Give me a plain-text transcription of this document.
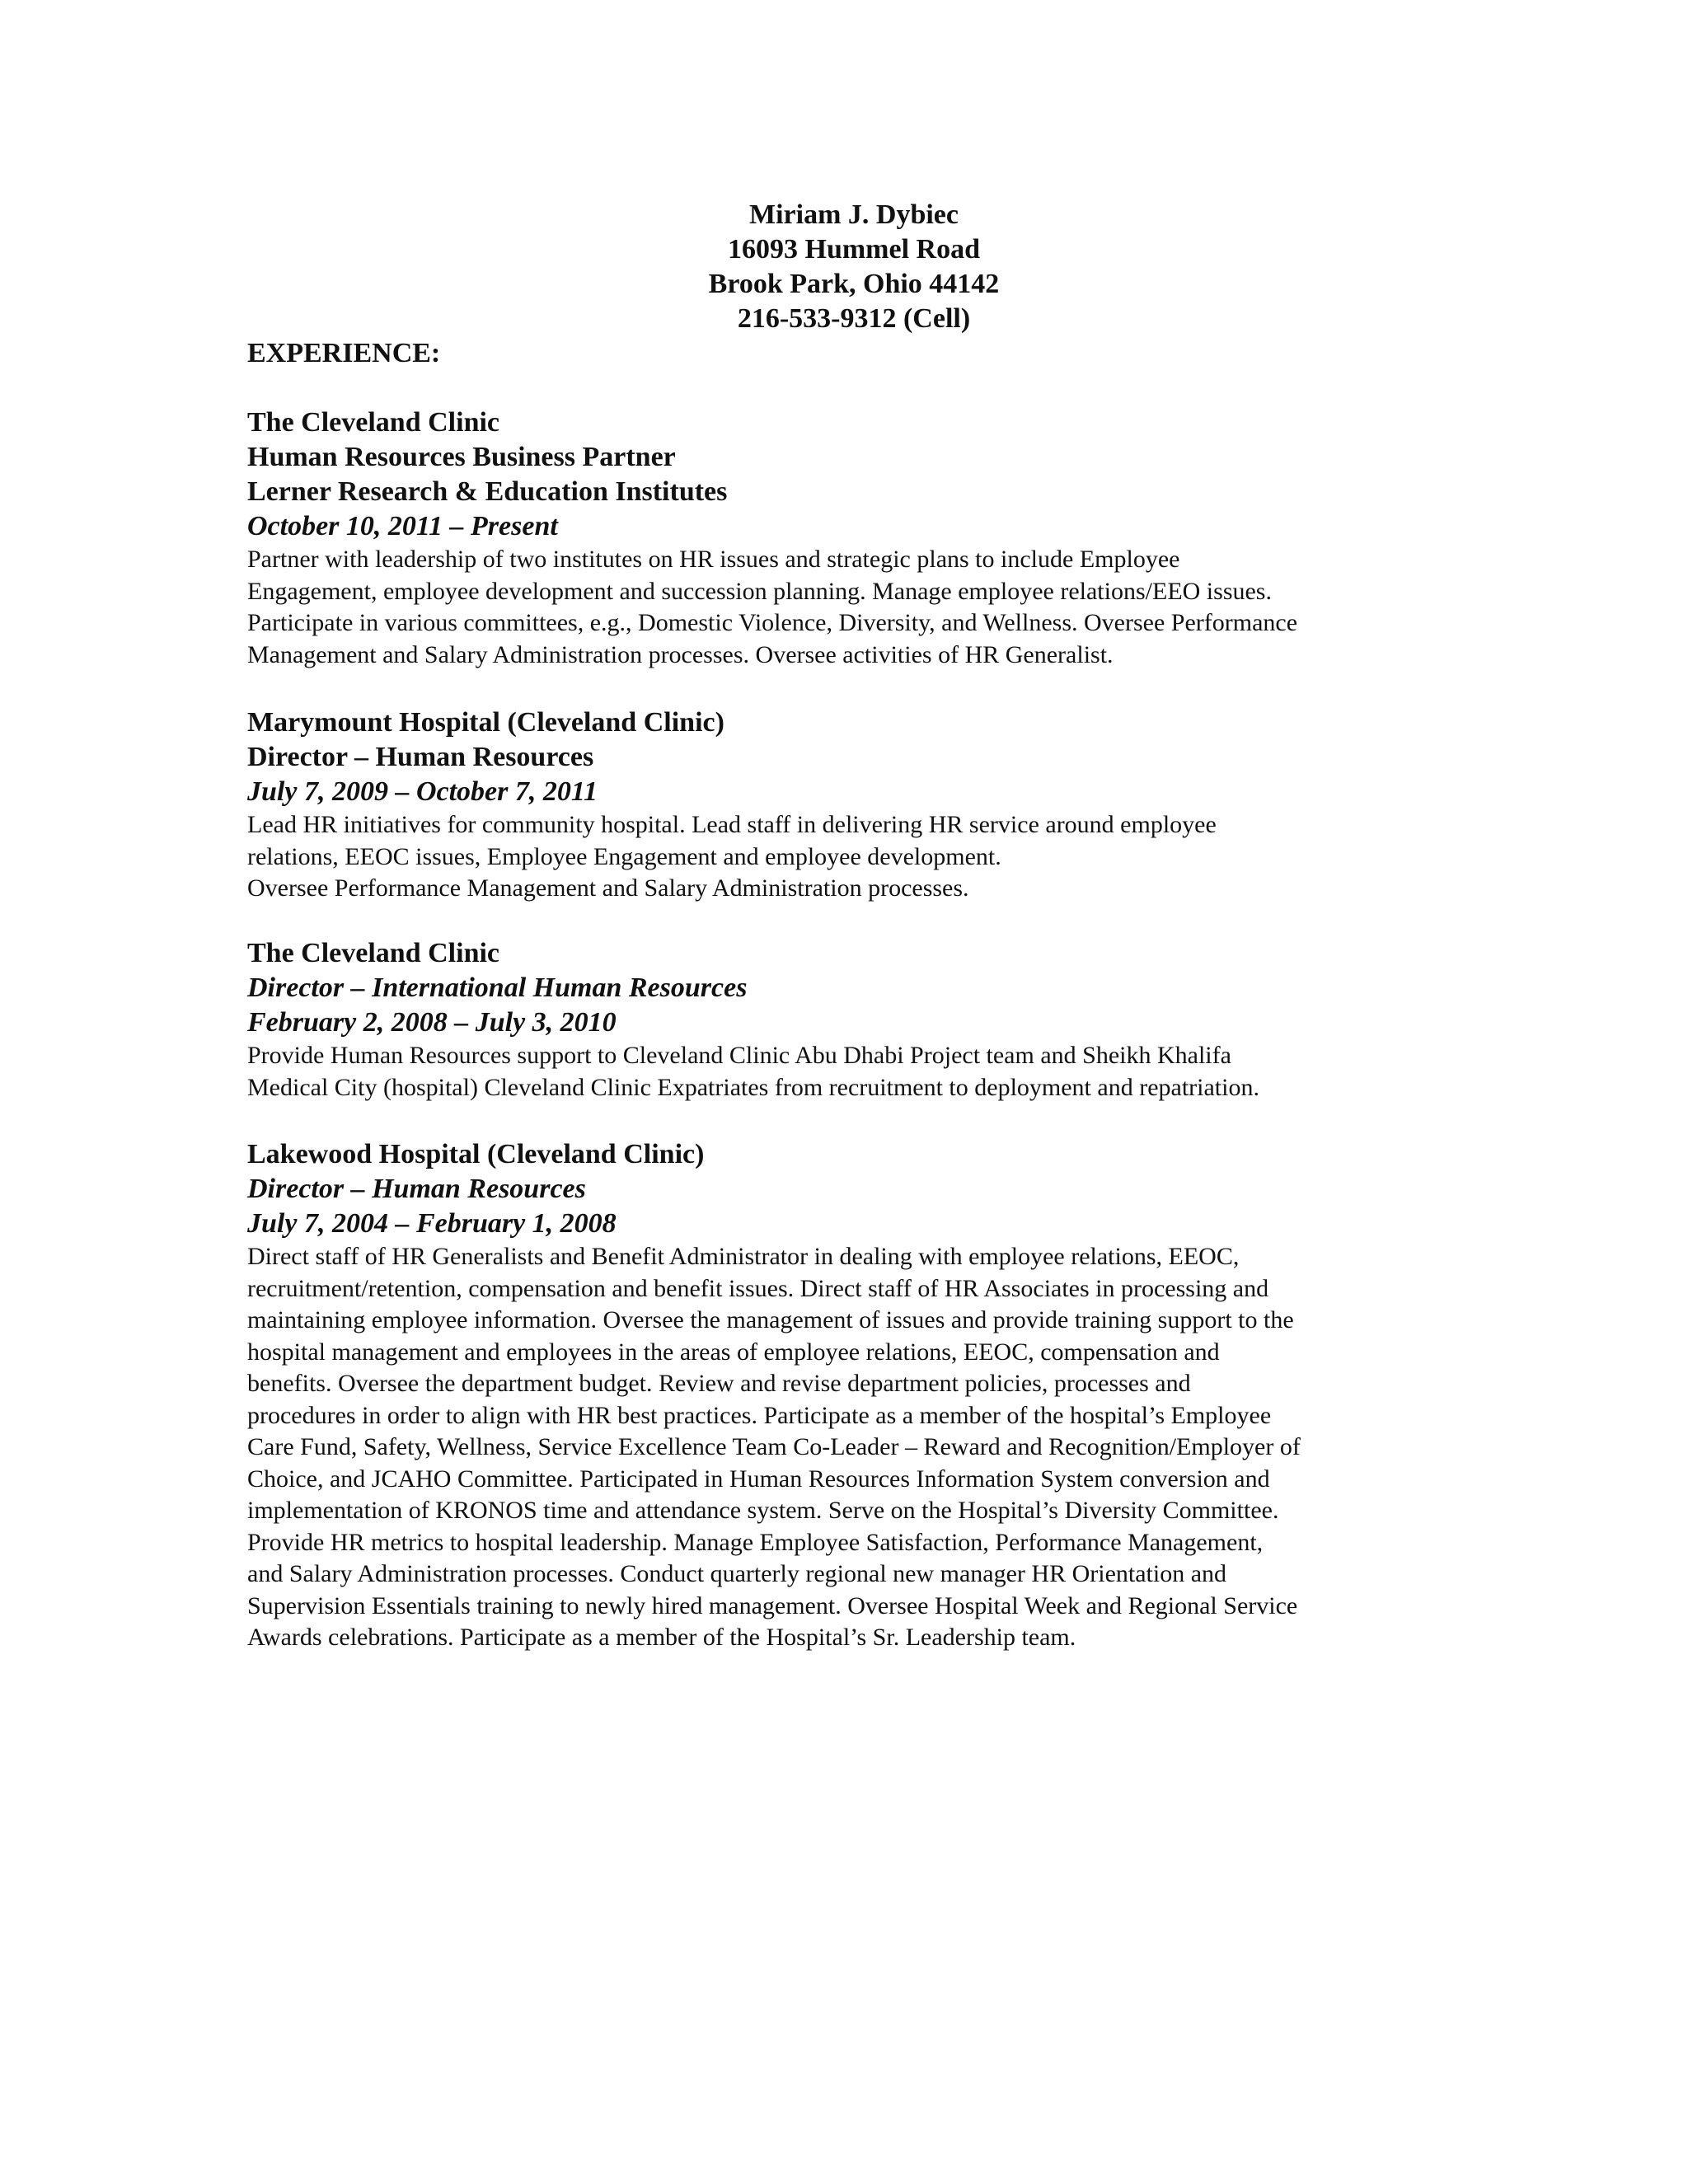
Miriam J. Dybiec
16093 Hummel Road
Brook Park, Ohio 44142
216-533-9312 (Cell)
EXPERIENCE:
The Cleveland Clinic
Human Resources Business Partner
Lerner Research & Education Institutes
October 10, 2011 – Present
Partner with leadership of two institutes on HR issues and strategic plans to include Employee
Engagement, employee development and succession planning. Manage employee relations/EEO issues.
Participate in various committees, e.g., Domestic Violence, Diversity, and Wellness. Oversee Performance
Management and Salary Administration processes. Oversee activities of HR Generalist.
Marymount Hospital (Cleveland Clinic)
Director – Human Resources
July 7, 2009 – October 7, 2011
Lead HR initiatives for community hospital. Lead staff in delivering HR service around employee
relations, EEOC issues, Employee Engagement and employee development.
Oversee Performance Management and Salary Administration processes.
The Cleveland Clinic
Director – International Human Resources
February 2, 2008 – July 3, 2010
Provide Human Resources support to Cleveland Clinic Abu Dhabi Project team and Sheikh Khalifa
Medical City (hospital) Cleveland Clinic Expatriates from recruitment to deployment and repatriation.
Lakewood Hospital (Cleveland Clinic)
Director – Human Resources
July 7, 2004 – February 1, 2008
Direct staff of HR Generalists and Benefit Administrator in dealing with employee relations, EEOC,
recruitment/retention, compensation and benefit issues. Direct staff of HR Associates in processing and
maintaining employee information. Oversee the management of issues and provide training support to the
hospital management and employees in the areas of employee relations, EEOC, compensation and
benefits. Oversee the department budget. Review and revise department policies, processes and
procedures in order to align with HR best practices. Participate as a member of the hospital’s Employee
Care Fund, Safety, Wellness, Service Excellence Team Co-Leader – Reward and Recognition/Employer of
Choice, and JCAHO Committee. Participated in Human Resources Information System conversion and
implementation of KRONOS time and attendance system. Serve on the Hospital’s Diversity Committee.
Provide HR metrics to hospital leadership. Manage Employee Satisfaction, Performance Management,
and Salary Administration processes. Conduct quarterly regional new manager HR Orientation and
Supervision Essentials training to newly hired management. Oversee Hospital Week and Regional Service
Awards celebrations. Participate as a member of the Hospital’s Sr. Leadership team.
